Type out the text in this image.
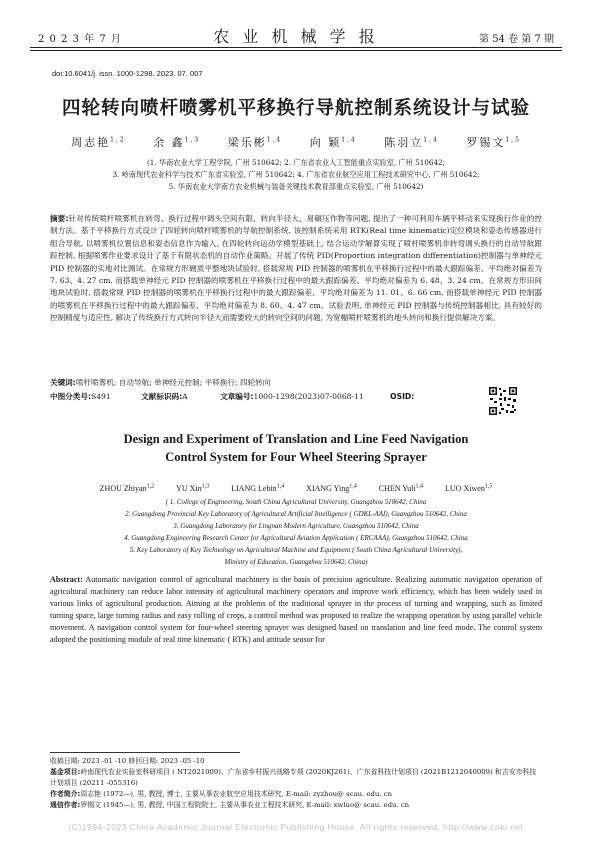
2 0 2 3 年 7 月	农 业 机 械 学 报	第 54 卷 第 7 期
doi:10.6041/j. issn. 1000-1298. 2023. 07. 007
四轮转向喷杆喷雾机平移换行导航控制系统设计与试验
周志艳$^{1,2}$	余 鑫$^{1,3}$	梁乐彬$^{1,4}$	向 颖$^{1,4}$	陈羽立$^{1,4}$	罗锡文$^{1,5}$
(1. 华南农业大学工程学院, 广州 510642; 2. 广东省农业人工智能重点实验室, 广州 510642;
3. 岭南现代农业科学与技术广东省实验室, 广州 510642; 4. 广东省农业航空应用工程技术研究中心, 广州 510642;
5. 华南农业大学南方农业机械与装备关键技术教育部重点实验室, 广州 510642)
摘要:针对传统喷杆喷雾机在转弯、换行过程中调头空间有限、转向半径大、易碾压作物等问题, 提出了一种可利用车辆平移动来实现换行作业的控制方法。基于平移换行方式设计了四轮转向喷杆喷雾机的导航控制系统, 该控制系统采用 RTK(Real time kinematic)定位模块和姿态传感器进行组合导航, 以喷雾机位置信息和姿态信息作为输入, 在四轮转向运动学模型基础上, 结合运动学解算实现了喷杆喷雾机非转弯调头换行的自动导航跟踪控制, 根据喷雾作业要求设计了基于有限状态机的自动作业策略。开展了传统 PID(Proportion integration differentiation)控制器与单神经元 PID 控制器的实地对比测试。在常规方形硬质平整地块试验时, 搭载常规 PID 控制器的喷雾机在平移换行过程中的最大跟踪偏差、平均绝对偏差为 7. 63、4. 27 cm, 而搭载单神经元 PID 控制器的喷雾机在平移换行过程中的最大跟踪偏差、平均绝对偏差为 6. 48、3. 24 cm。在常规方形田间地块试验时, 搭载常规 PID 控制器的喷雾机在平移换行过程中的最大跟踪偏差、平均绝对偏差为 11. 01、6. 66 cm, 而搭载单神经元 PID 控制器的喷雾机在平移换行过程中的最大跟踪偏差、平均绝对偏差为 8. 60、4. 47 cm。试验表明, 单神经元 PID 控制器与传统控制器相比, 具有较好的控制精度与适应性, 解决了传统换行方式转向半径大而需要较大的转向空间的问题, 为宽幅喷杆喷雾机的地头转向和换行提供解决方案。
关键词:喷杆喷雾机; 自动导航; 单神经元控制; 平移换行; 四轮转向
中图分类号:S491	文献标识码:A	文章编号:1000-1298(2023)07-0068-11	OSID:
Design and Experiment of Translation and Line Feed Navigation
Control System for Four Wheel Steering Sprayer
ZHOU Zhiyan$^{1,2}$	YU Xin$^{1,3}$	LIANG Lebin$^{1,4}$	XIANG Ying$^{1,4}$	CHEN Yuli$^{1,4}$	LUO Xiwen$^{1,5}$
( 1. College of Engineering, South China Agricultural University, Guangzhou 510642, China
2. Guangdong Provincial Key Laboratory of Agricultural Artificial Intelligence ( GDKL-AAI), Guangzhou 510642, China
3. Guangdong Laboratory for Lingnan Modern Agriculture, Guangzhou 510642, China
4. Guangdong Engineering Research Center for Agricultural Aviation Application ( ERCAAA), Guangzhou 510642, China
5. Key Laboratory of Key Technology on Agricultural Machine and Equipment ( South China Agricultural University),
Ministry of Education, Guangzhou 510642, China)
Abstract: Automatic navigation control of agricultural machinery is the basis of precision agriculture. Realizing automatic navigation operation of agricultural machinery can reduce labor intensity of agricultural machinery operators and improve work efficiency, which has been widely used in various links of agricultural production. Aiming at the problems of the traditional sprayer in the process of turning and wrapping, such as limited turning space, large turning radius and easy rolling of crops, a control method was proposed to realize the wrapping operation by using parallel vehicle movement. A navigation control system for four-wheel steering sprayer was designed based on translation and line feed mode. The control system adopted the positioning module of real time kinematic ( RTK) and attitude sensor for
收稿日期: 2023 -01 -10 修回日期: 2023 -05 -10
基金项目:岭南现代农业实验室科研项目 ( NT2021009)、广东省乡村振兴战略专项 (2020KJ261)、广东省科技计划项目 (2021B1212040009) 和吉安市科技计划项目 (20211 -055316)
作者简介:周志艳 (1972—), 男, 教授, 博士, 主要从事农业航空应用技术研究, E-mail: zyzhou@ scau. edu. cn
通信作者:罗锡文 (1945—), 男, 教授, 中国工程院院士, 主要从事农业工程技术研究, E-mail: xwluo@ scau. edu. cn
(C)1994-2023 China Academic Journal Electronic Publishing House. All rights reserved. http://www.cnki.net
